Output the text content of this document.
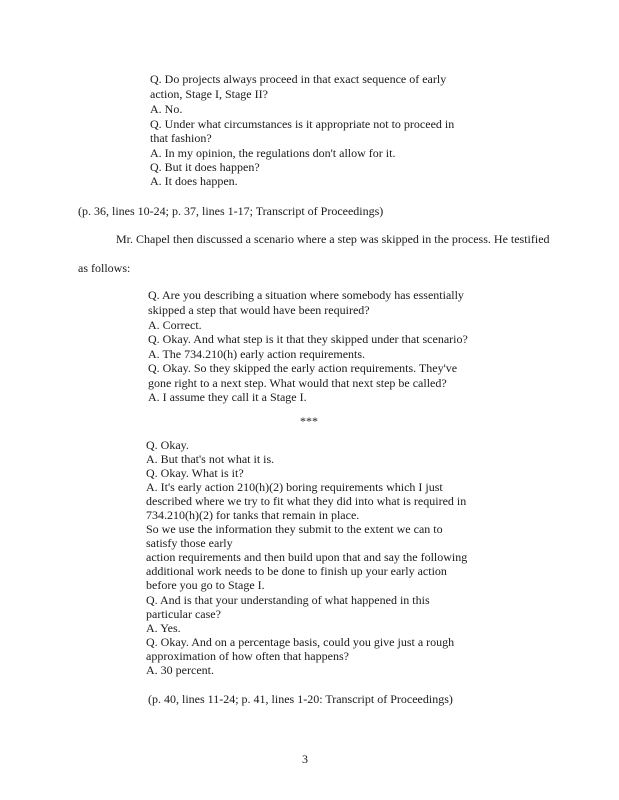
Q. Do projects always proceed in that exact sequence of early
action, Stage I, Stage II?
A. No.
Q. Under what circumstances is it appropriate not to proceed in
that fashion?
A. In my opinion, the regulations don't allow for it.
Q. But it does happen?
A. It does happen.
(p. 36, lines 10-24; p. 37, lines 1-17; Transcript of Proceedings)
Mr. Chapel then discussed a scenario where a step was skipped in the process. He testified
as follows:
Q. Are you describing a situation where somebody has essentially
skipped a step that would have been required?
A. Correct.
Q. Okay. And what step is it that they skipped under that scenario?
A. The 734.210(h) early action requirements.
Q. Okay. So they skipped the early action requirements. They've
gone right to a next step. What would that next step be called?
A. I assume they call it a Stage I.
***
Q. Okay.
A. But that's not what it is.
Q. Okay. What is it?
A. It's early action 210(h)(2) boring requirements which I just
described where we try to fit what they did into what is required in
734.210(h)(2) for tanks that remain in place.
So we use the information they submit to the extent we can to
satisfy those early
action requirements and then build upon that and say the following
additional work needs to be done to finish up your early action
before you go to Stage I.
Q. And is that your understanding of what happened in this
particular case?
A. Yes.
Q. Okay. And on a percentage basis, could you give just a rough
approximation of how often that happens?
A. 30 percent.
(p. 40, lines 11-24; p. 41, lines 1-20: Transcript of Proceedings)
3
